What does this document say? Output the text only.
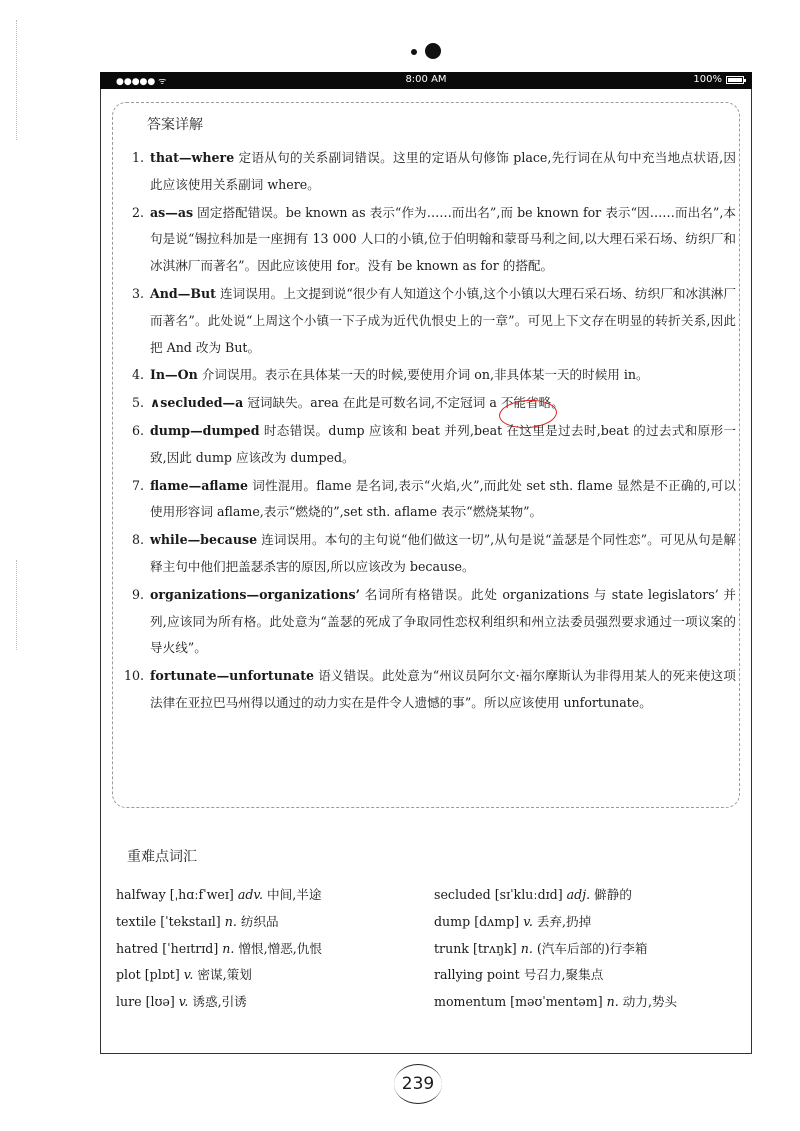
●●●●● ᯤ	8:00 AM	100%
答案详解
1. that—where 定语从句的关系副词错误。这里的定语从句修饰 place,先行词在从句中充当地点状语,因此应该使用关系副词 where。
2. as—as 固定搭配错误。be known as 表示“作为……而出名”,而 be known for 表示“因……而出名”,本句是说“锡拉科加是一座拥有 13 000 人口的小镇,位于伯明翰和蒙哥马利之间,以大理石采石场、纺织厂和冰淇淋厂而著名”。因此应该使用 for。没有 be known as for 的搭配。
3. And—But 连词误用。上文提到说“很少有人知道这个小镇,这个小镇以大理石采石场、纺织厂和冰淇淋厂而著名”。此处说“上周这个小镇一下子成为近代仇恨史上的一章”。可见上下文存在明显的转折关系,因此把 And 改为 But。
4. In—On 介词误用。表示在具体某一天的时候,要使用介词 on,非具体某一天的时候用 in。
5. ∧secluded—a 冠词缺失。area 在此是可数名词,不定冠词 a 不能省略。
6. dump—dumped 时态错误。dump 应该和 beat 并列,beat 在这里是过去时,beat 的过去式和原形一致,因此 dump 应该改为 dumped。
7. flame—aflame 词性混用。flame 是名词,表示“火焰,火”,而此处 set sth. flame 显然是不正确的,可以使用形容词 aflame,表示“燃烧的”,set sth. aflame 表示“燃烧某物”。
8. while—because 连词误用。本句的主句说“他们做这一切”,从句是说“盖瑟是个同性恋”。可见从句是解释主句中他们把盖瑟杀害的原因,所以应该改为 because。
9. organizations—organizations’ 名词所有格错误。此处 organizations 与 state legislators’ 并列,应该同为所有格。此处意为“盖瑟的死成了争取同性恋权利组织和州立法委员强烈要求通过一项议案的导火线”。
10. fortunate—unfortunate 语义错误。此处意为“州议员阿尔文·福尔摩斯认为非得用某人的死来使这项法律在亚拉巴马州得以通过的动力实在是件令人遗憾的事”。所以应该使用 unfortunate。
重难点词汇
halfway [ˌhɑːfˈweɪ] adv. 中间,半途
textile [ˈtekstaɪl] n. 纺织品
hatred [ˈheɪtrɪd] n. 憎恨,憎恶,仇恨
plot [plɒt] v. 密谋,策划
lure [lʊə] v. 诱惑,引诱
secluded [sɪˈkluːdɪd] adj. 僻静的
dump [dʌmp] v. 丢弃,扔掉
trunk [trʌŋk] n. (汽车后部的)行李箱
rallying point 号召力,聚集点
momentum [məʊˈmentəm] n. 动力,势头
239
